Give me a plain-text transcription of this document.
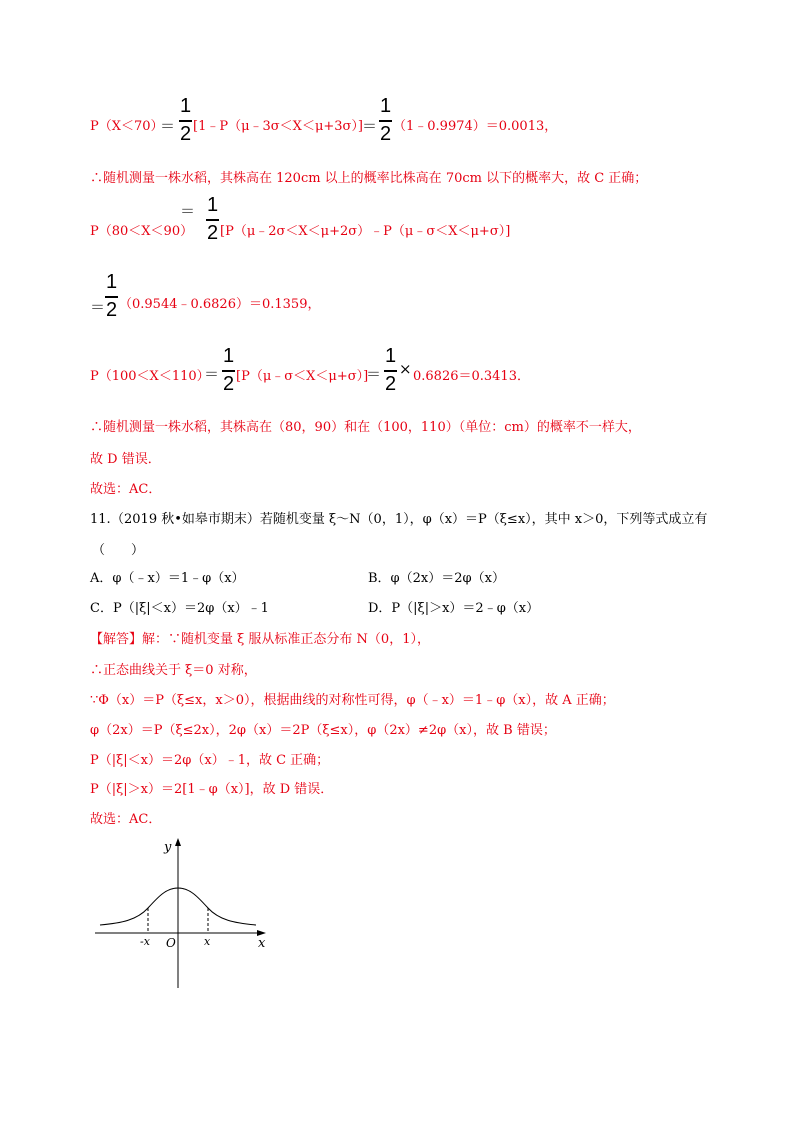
P（X＜70）
＝
1
2 [1﹣P（μ﹣3σ＜X＜μ+3σ）] ＝
1
2 （1﹣0.9974）＝0.0013，
∴随机测量一株水稻，其株高在 120cm 以上的概率比株高在 70cm 以下的概率大，故 C 正确；
P（80＜X＜90）
＝ 1
2 [P（μ﹣2σ＜X＜μ+2σ）﹣P（μ﹣σ＜X＜μ+σ）]
＝
1
2 （0.9544﹣0.6826）＝0.1359，
P（100＜X＜110）
＝
1
2 [P（μ﹣σ＜X＜μ+σ）]
＝
1
2
× 0.6826＝0.3413．
∴随机测量一株水稻，其株高在（80，90）和在（100，110）（单位：cm）的概率不一样大，
故 D 错误．
故选：AC．
11. （2019 秋•如皋市期末）若随机变量 ξ～N（0，1），φ（x）＝P（ξ≤x），其中 x＞0，下列等式成立有
（　　）
A．φ（﹣x）＝1﹣φ（x）	B．φ（2x）＝2φ（x）
C．P（|ξ|＜x）＝2φ（x）﹣1	D．P（|ξ|＞x）＝2﹣φ（x）
【解答】解：∵随机变量 ξ 服从标准正态分布 N（0，1），
∴正态曲线关于 ξ＝0 对称，
∵Φ（x）＝P（ξ≤x，x＞0），根据曲线的对称性可得，φ（﹣x）＝1﹣φ（x），故 A 正确；
φ（2x）＝P（ξ≤2x），2φ（x）＝2P（ξ≤x），φ（2x）≠2φ（x），故 B 错误；
P（|ξ|＜x）＝2φ（x）﹣1，故 C 正确；
P（|ξ|＞x）＝2[1﹣φ（x）]，故 D 错误．
故选：AC．
y
x
O
-x	x
